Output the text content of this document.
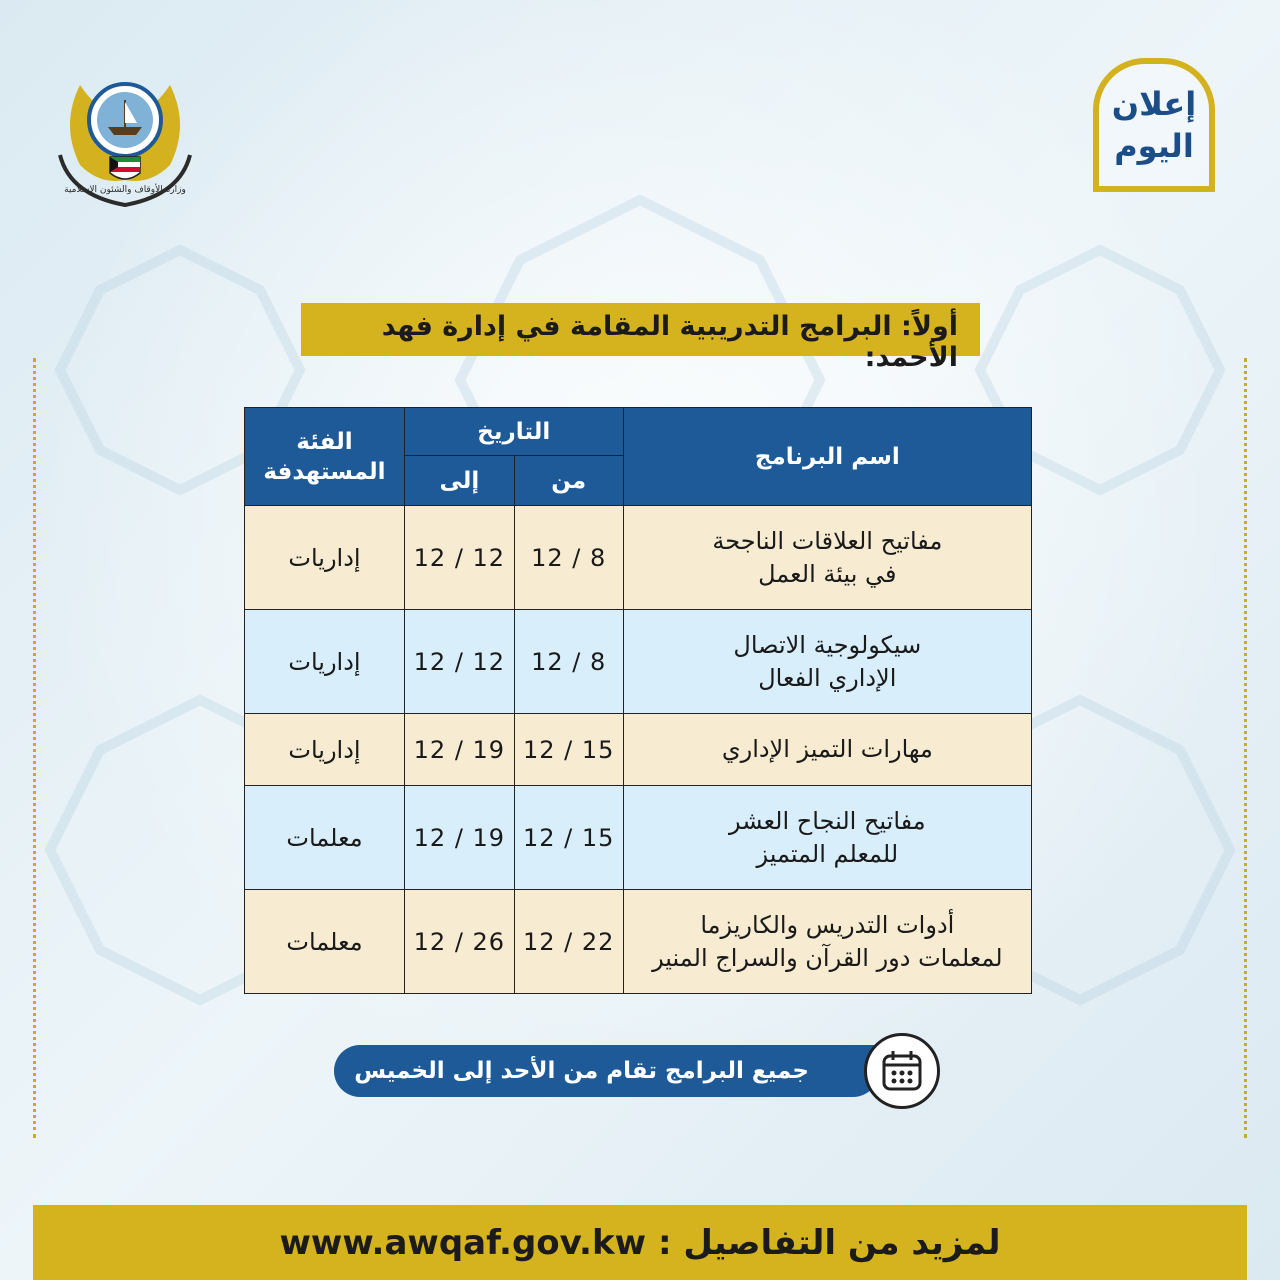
وزارة الأوقاف والشئون الإسلامية
إعلان
اليوم
أولاً: البرامج التدريبية المقامة في إدارة فهد الأحمد:
اسم البرنامج	التاريخ		الفئة
المستهدفة

	من	إلى	

مفاتيح العلاقات الناجحة
في بيئة العمل	12 / 8	12 / 12	إداريات

سيكولوجية الاتصال
الإداري الفعال	12 / 8	12 / 12	إداريات

مهارات التميز الإداري	12 / 15	12 / 19	إداريات

مفاتيح النجاح العشر
للمعلم المتميز	12 / 15	12 / 19	معلمات

أدوات التدريس والكاريزما
لمعلمات دور القرآن والسراج المنير	12 / 22	12 / 26	معلمات
جميع البرامج تقام من الأحد إلى الخميس
www.awqaf.gov.kw لمزيد من التفاصيل :
